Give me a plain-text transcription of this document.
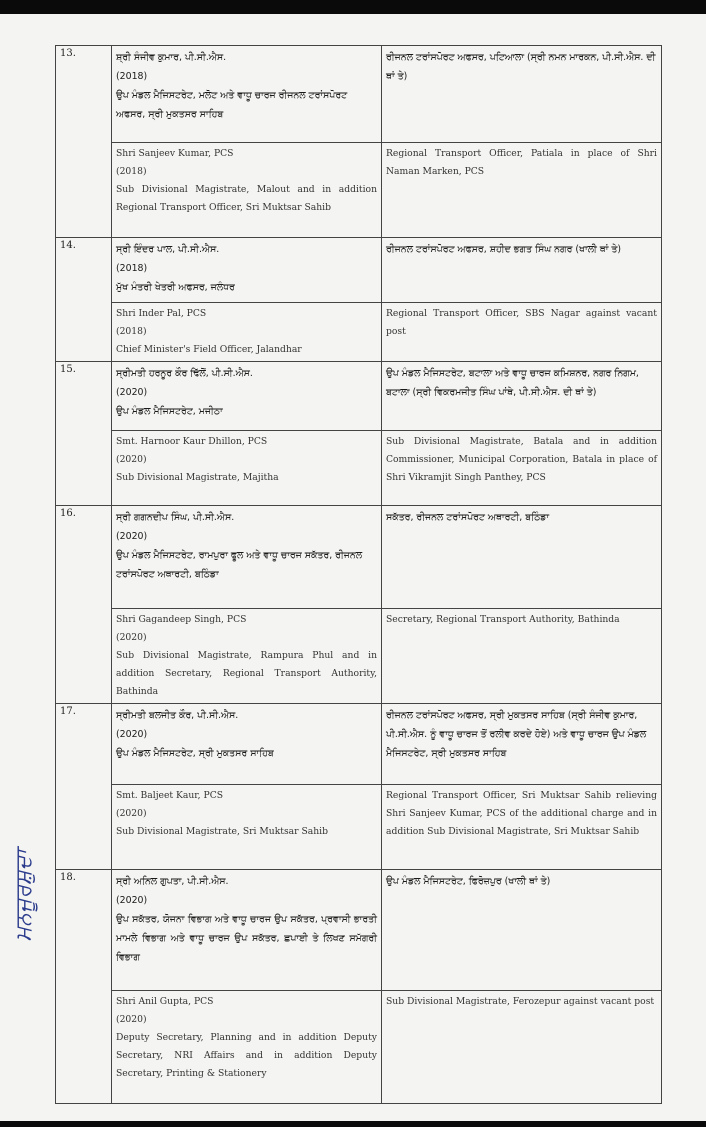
ਮਨਜੂਰਸ਼ੁਦਾ
13.	ਸ਼੍ਰੀ ਸੰਜੀਵ ਕੁਮਾਰ, ਪੀ.ਸੀ.ਐਸ.
(2018)
ਉਪ ਮੰਡਲ ਮੈਜਿਸਟਰੇਟ, ਮਲੋਟ ਅਤੇ ਵਾਧੂ ਚਾਰਜ ਰੀਜਨਲ ਟਰਾਂਸਪੋਰਟ ਅਫਸਰ, ਸ੍ਰੀ ਮੁਕਤਸਰ ਸਾਹਿਬ	ਰੀਜਨਲ ਟਰਾਂਸਪੋਰਟ ਅਫਸਰ, ਪਟਿਆਲਾ (ਸ੍ਰੀ ਨਮਨ ਮਾਰਕਨ, ਪੀ.ਸੀ.ਐਸ. ਦੀ ਥਾਂ ਤੇ)

	Shri Sanjeev Kumar, PCS
(2018)
Sub Divisional Magistrate, Malout and in addition Regional Transport Officer, Sri Muktsar Sahib	Regional Transport Officer, Patiala in place of Shri Naman Marken, PCS
14.	ਸ੍ਰੀ ਇੰਦਰ ਪਾਲ, ਪੀ.ਸੀ.ਐਸ.
(2018)
ਮੁੱਖ ਮੰਤਰੀ ਖੇਤਰੀ ਅਫਸਰ, ਜਲੰਧਰ	ਰੀਜਨਲ ਟਰਾਂਸਪੋਰਟ ਅਫਸਰ, ਸ਼ਹੀਦ ਭਗਤ ਸਿੰਘ ਨਗਰ (ਖਾਲੀ ਥਾਂ ਤੇ)

	Shri Inder Pal, PCS
(2018)
Chief Minister's Field Officer, Jalandhar	Regional Transport Officer, SBS Nagar against vacant post
15.	ਸ੍ਰੀਮਤੀ ਹਰਨੂਰ ਕੌਰ ਢਿੱਲੋਂ, ਪੀ.ਸੀ.ਐਸ.
(2020)
ਉਪ ਮੰਡਲ ਮੈਜਿਸਟਰੇਟ, ਮਜੀਠਾ	ਉਪ ਮੰਡਲ ਮੈਜਿਸਟਰੇਟ, ਬਟਾਲਾ ਅਤੇ ਵਾਧੂ ਚਾਰਜ ਕਮਿਸ਼ਨਰ, ਨਗਰ ਨਿਗਮ, ਬਟਾਲਾ (ਸ੍ਰੀ ਵਿਕਰਮਜੀਤ ਸਿੰਘ ਪਾਂਥੇ, ਪੀ.ਸੀ.ਐਸ. ਦੀ ਥਾਂ ਤੇ)

	Smt. Harnoor Kaur Dhillon, PCS
(2020)
Sub Divisional Magistrate, Majitha	Sub Divisional Magistrate, Batala and in addition Commissioner, Municipal Corporation, Batala in place of Shri Vikramjit Singh Panthey, PCS
16.	ਸ੍ਰੀ ਗਗਨਦੀਪ ਸਿੰਘ, ਪੀ.ਸੀ.ਐਸ.
(2020)
ਉਪ ਮੰਡਲ ਮੈਜਿਸਟਰੇਟ, ਰਾਮਪੁਰਾ ਫੂਲ ਅਤੇ ਵਾਧੂ ਚਾਰਜ ਸਕੱਤਰ, ਰੀਜਨਲ ਟਰਾਂਸਪੋਰਟ ਅਥਾਰਟੀ, ਬਠਿੰਡਾ	ਸਕੱਤਰ, ਰੀਜਨਲ ਟਰਾਂਸਪੋਰਟ ਅਥਾਰਟੀ, ਬਠਿੰਡਾ

	Shri Gagandeep Singh, PCS
(2020)
Sub Divisional Magistrate, Rampura Phul and in addition Secretary, Regional Transport Authority, Bathinda	Secretary, Regional Transport Authority, Bathinda
17.	ਸ੍ਰੀਮਤੀ ਬਲਜੀਤ ਕੌਰ, ਪੀ.ਸੀ.ਐਸ.
(2020)
ਉਪ ਮੰਡਲ ਮੈਜਿਸਟਰੇਟ, ਸ੍ਰੀ ਮੁਕਤਸਰ ਸਾਹਿਬ	ਰੀਜਨਲ ਟਰਾਂਸਪੋਰਟ ਅਫਸਰ, ਸ੍ਰੀ ਮੁਕਤਸਰ ਸਾਹਿਬ (ਸ੍ਰੀ ਸੰਜੀਵ ਕੁਮਾਰ, ਪੀ.ਸੀ.ਐਸ. ਨੂੰ ਵਾਧੂ ਚਾਰਜ ਤੋਂ ਰਲੀਵ ਕਰਦੇ ਹੋਏ) ਅਤੇ ਵਾਧੂ ਚਾਰਜ ਉਪ ਮੰਡਲ ਮੈਜਿਸਟਰੇਟ, ਸ੍ਰੀ ਮੁਕਤਸਰ ਸਾਹਿਬ

	Smt. Baljeet Kaur, PCS
(2020)
Sub Divisional Magistrate, Sri Muktsar Sahib	Regional Transport Officer, Sri Muktsar Sahib relieving Shri Sanjeev Kumar, PCS of the additional charge and in addition Sub Divisional Magistrate, Sri Muktsar Sahib
18.	ਸ੍ਰੀ ਅਨਿਲ ਗੁਪਤਾ, ਪੀ.ਸੀ.ਐਸ.
(2020)
ਉਪ ਸਕੱਤਰ, ਯੋਜਨਾ ਵਿਭਾਗ ਅਤੇ ਵਾਧੂ ਚਾਰਜ ਉਪ ਸਕੱਤਰ, ਪ੍ਰਵਾਸੀ ਭਾਰਤੀ ਮਾਮਲੇ ਵਿਭਾਗ ਅਤੇ ਵਾਧੂ ਚਾਰਜ ਉਪ ਸਕੱਤਰ, ਛਪਾਈ ਤੇ ਲਿਖਣ ਸਮੱਗਰੀ ਵਿਭਾਗ	ਉਪ ਮੰਡਲ ਮੈਜਿਸਟਰੇਟ, ਫਿਰੋਜ਼ਪੁਰ (ਖਾਲੀ ਥਾਂ ਤੇ)

	Shri Anil Gupta, PCS
(2020)
Deputy Secretary, Planning and in addition Deputy Secretary, NRI Affairs and in addition Deputy Secretary, Printing & Stationery	Sub Divisional Magistrate, Ferozepur against vacant post
